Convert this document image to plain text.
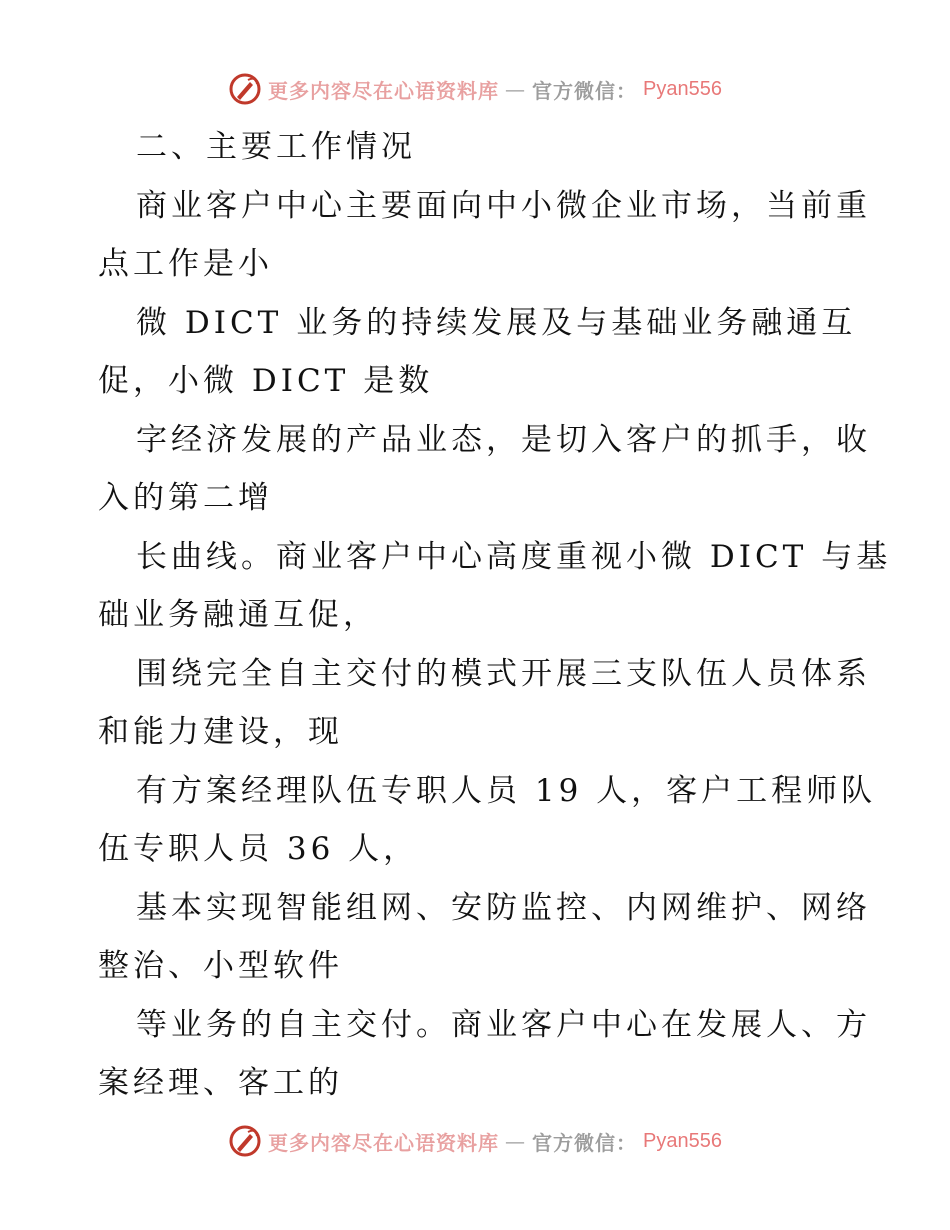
更多内容尽在心语资料库 — 官方微信： Pyan556
二、主要工作情况
商业客户中心主要面向中小微企业市场，当前重
点工作是小
微 DICT 业务的持续发展及与基础业务融通互
促，小微 DICT 是数
字经济发展的产品业态，是切入客户的抓手，收
入的第二增
长曲线。商业客户中心高度重视小微 DICT 与基
础业务融通互促，
围绕完全自主交付的模式开展三支队伍人员体系
和能力建设，现
有方案经理队伍专职人员 19 人，客户工程师队
伍专职人员 36 人，
基本实现智能组网、安防监控、内网维护、网络
整治、小型软件
等业务的自主交付。商业客户中心在发展人、方
案经理、客工的
更多内容尽在心语资料库 — 官方微信： Pyan556
